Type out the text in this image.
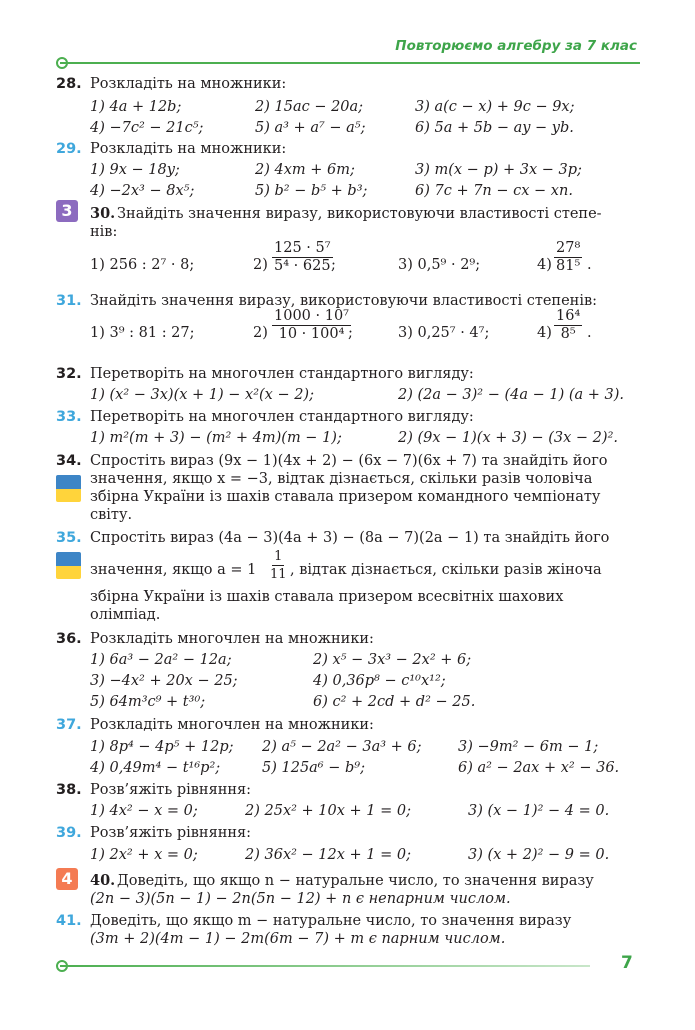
Повторюємо алгебру за 7 клас
28. Розкладіть на множники:
1) 4a + 12b;	2) 15ac − 20a;	3) a(c − x) + 9c − 9x;
4) −7c² − 21c⁵;	5) a³ + a⁷ − a⁵;	6) 5a + 5b − ay − yb.
29. Розкладіть на множники:
1) 9x − 18y;	2) 4xm + 6m;	3) m(x − p) + 3x − 3p;
4) −2x³ − 8x⁵;	5) b² − b⁵ + b³;	6) 7c + 7n − cx − xn.
3	30. Знайдіть значення виразу, використовуючи властивості степе-
нів:
1) 256 : 2⁷ · 8;	$2) \frac{\text{125 · 5⁷}}{\text{5⁴ · 625}}$
;	3) 0,5⁹ · 2⁹;	$4) \frac{\text{27⁸}}{\text{81⁵}}$ .
31. Знайдіть значення виразу, використовуючи властивості степенів:
1) 3⁹ : 81 : 27;	$2) \frac{\text{1000 · 10⁷}}{\text{10 · 100⁴}}$
;	3) 0,25⁷ · 4⁷;	$4) \frac{\text{16⁴}}{\text{8⁵}}$ .
32. Перетворіть на многочлен стандартного вигляду:
1) (x² − 3x)(x + 1) − x²(x − 2);	2) (2a − 3)² − (4a − 1) (a + 3).
33. Перетворіть на многочлен стандартного вигляду:
1) m²(m + 3) − (m² + 4m)(m − 1);	2) (9x − 1)(x + 3) − (3x − 2)².
34. Спростіть вираз (9x − 1)(4x + 2) − (6x − 7)(6x + 7) та знайдіть його
значення, якщо x = −3, відтак дізнається, скільки разів чоловіча
збірна України із шахів ставала призером командного чемпіонату
світу.
35. Спростіть вираз (4a − 3)(4a + 3) − (8a − 7)(2a − 1) та знайдіть його
значення, якщо $a = 1 \frac{1}{11}$ , відтак дізнається, скільки разів жіноча
збірна України із шахів ставала призером всесвітніх шахових
олімпіад.
36. Розкладіть многочлен на множники:
1) 6a³ − 2a² − 12a;	2) x⁵ − 3x³ − 2x² + 6;
3) −4x² + 20x − 25;	4) 0,36p⁸ − c¹⁰x¹²;
5) 64m³c⁹ + t³⁰;	6) c² + 2cd + d² − 25.
37. Розкладіть многочлен на множники:
1) 8p⁴ − 4p⁵ + 12p; 2) a⁵ − 2a² − 3a³ + 6;	3) −9m² − 6m − 1;
4) 0,49m⁴ − t¹⁶p²;	5) 125a⁶ − b⁹;	6) a² − 2ax + x² − 36.
38. Розв’яжіть рівняння:
1) 4x² − x = 0;	2) 25x² + 10x + 1 = 0;	3) (x − 1)² − 4 = 0.
39. Розв’яжіть рівняння:
1) 2x² + x = 0;	2) 36x² − 12x + 1 = 0;	3) (x + 2)² − 9 = 0.
4	40. Доведіть, що якщо n − натуральне число, то значення виразу
(2n − 3)(5n − 1) − 2n(5n − 12) + n є непарним числом.
41. Доведіть, що якщо m − натуральне число, то значення виразу
(3m + 2)(4m − 1) − 2m(6m − 7) + m є парним числом.
7
